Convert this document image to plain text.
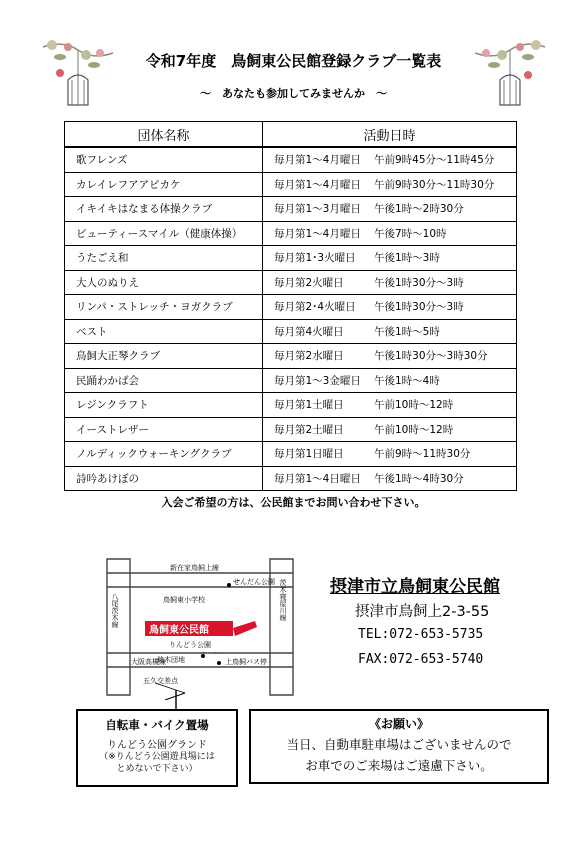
令和7年度　鳥飼東公民館登録クラブ一覧表
～　あなたも参加してみませんか　～
団体名称	活動日時
歌フレンズ	毎月第1～4月曜日 午前9時45分～11時45分
カレイレフアアピカケ	毎月第1～4月曜日 午前9時30分～11時30分
イキイキはなまる体操クラブ	毎月第1～3月曜日 午後1時～2時30分
ビューティースマイル（健康体操）	毎月第1～4月曜日 午後7時～10時
うたごえ和	毎月第1･3火曜日 午後1時～3時
大人のぬりえ	毎月第2火曜日 午後1時30分～3時
リンパ・ストレッチ・ヨガクラブ	毎月第2･4火曜日 午後1時30分～3時
ベスト	毎月第4火曜日 午後1時～5時
鳥飼大正琴クラブ	毎月第2水曜日 午後1時30分～3時30分
民踊わかば会	毎月第1～3金曜日 午後1時～4時
レジンクラフト	毎月第1土曜日 午前10時～12時
イーストレザー	毎月第2土曜日 午前10時～12時
ノルディックウォーキングクラブ	毎月第1日曜日 午前9時～11時30分
詩吟あけぼの	毎月第1～4日曜日 午後1時～4時30分
入会ご希望の方は、公民館までお問い合わせ下さい。
鳥飼東公民館
新在家鳥飼上線
せんだん公園
鳥飼東小学校
りんどう公園
銘木団地
大阪高槻線	上鳥飼バス停
五久交差点
八尾茨木線	茨木寝屋川線	摂津市立鳥飼東公民館
摂津市鳥飼上2-3-55
TEL:072-653-5735
FAX:072-653-5740
自転車・バイク置場
りんどう公園グランド
（※りんどう公園遊具場には
とめないで下さい）
《お願い》
当日、自動車駐車場はございませんので
お車でのご来場はご遠慮下さい。
